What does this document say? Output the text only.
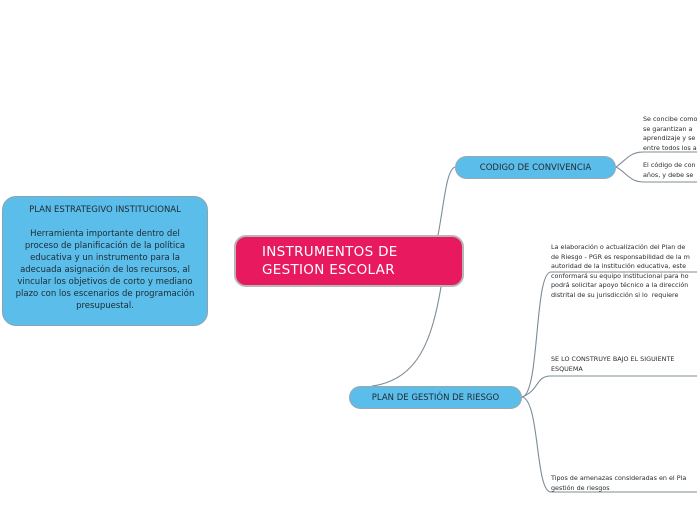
PLAN ESTRATEGIVO INSTITUCIONAL
Herramienta importante dentro del proceso de planificación de la política educativa y un instrumento para la adecuada asignación de los recursos, al vincular los objetivos de corto y mediano plazo con los escenarios de programación presupuestal.
INSTRUMENTOS DE
GESTION ESCOLAR
CODIGO DE CONVIVENCIA
PLAN DE GESTIÓN DE RIESGO
Se concibe como
se garantizan a
aprendizaje y se
entre todos los a
El código de con
años, y debe se
La elaboración o actualización del Plan de
de Riesgo - PGR es responsabilidad de la m
autoridad de la institución educativa, este
conformará su equipo institucional para ho
podrá solicitar apoyo técnico a la dirección
distrital de su jurisdicción si lo  requiere
SE LO CONSTRUYE BAJO EL SIGUIENTE
ESQUEMA
Tipos de amenazas consideradas en el Pla
gestión de riesgos
